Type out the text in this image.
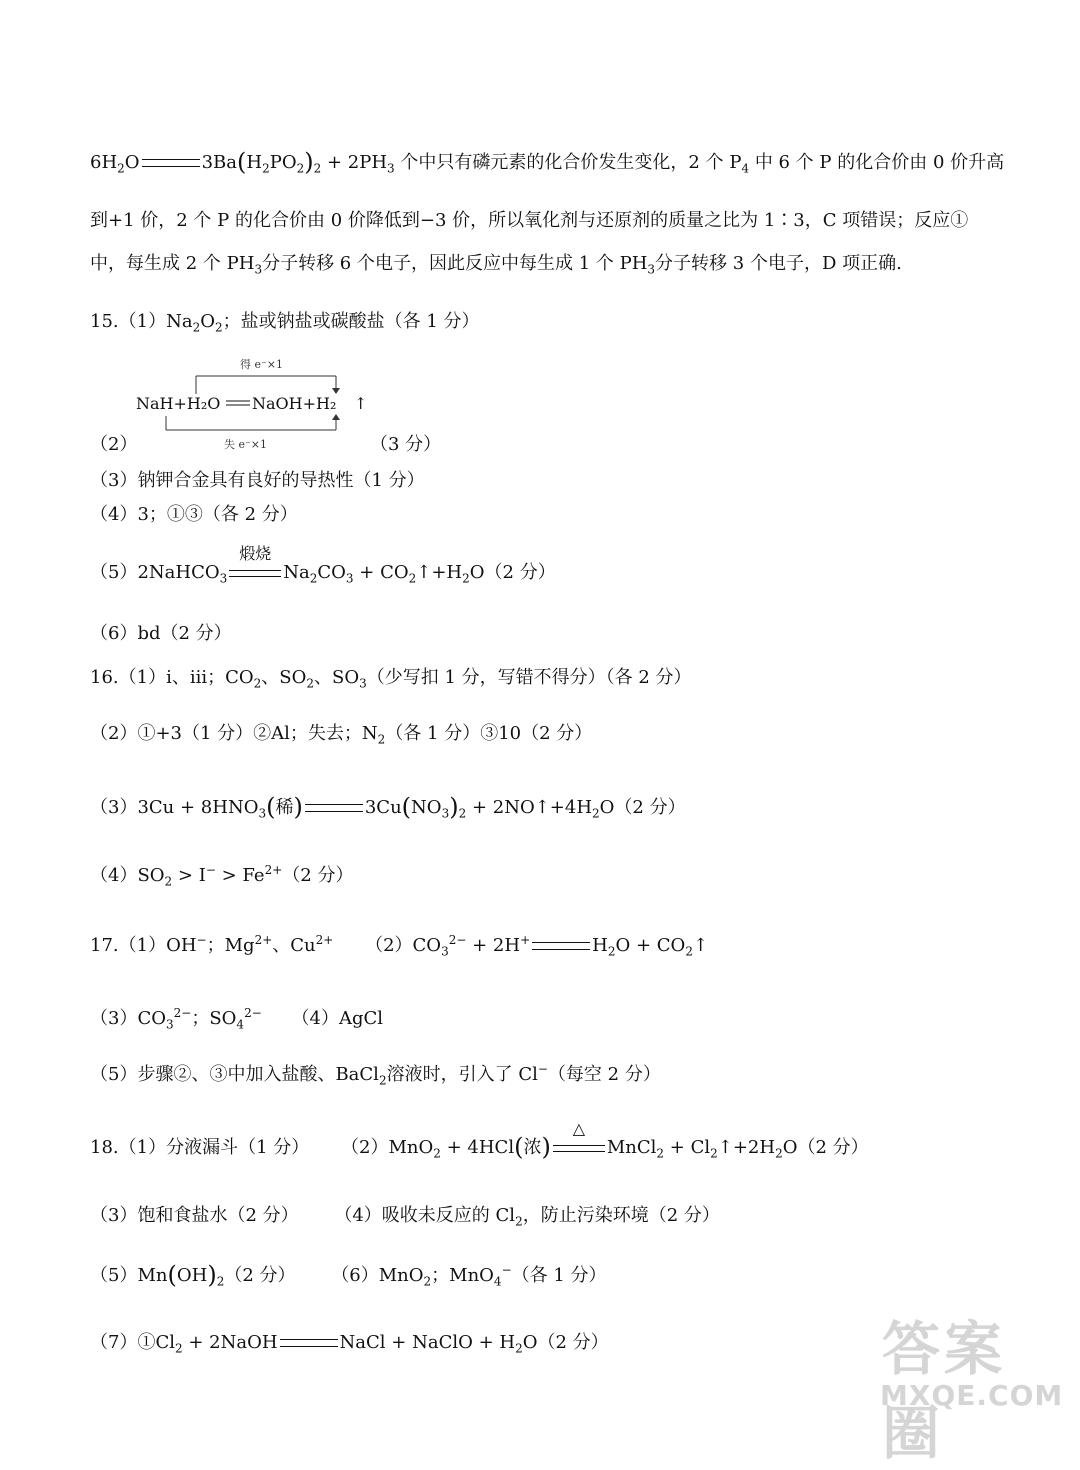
$6H_2O$	$3Ba(H_2PO_2)_2 + 2PH_3$ 个中只有磷元素的化合价发生变化，2 个 $P_4$ 中 6 个 P 的化合价由 0 价升高
到+1 价，2 个 P 的化合价由 0 价降低到−3 价，所以氧化剂与还原剂的质量之比为 1∶3，C 项错误；反应①
中，每生成 2 个 $PH_3$分子转移 6 个电子，因此反应中每生成 1 个 $PH_3$分子转移 3 个电子，D 项正确.
$15.(1)Na_2O_2$；盐或钠盐或碳酸盐（各 1 分）
得 e⁻×1
NaH+H₂O NaOH+H₂ ↑
失 e⁻×1
（2）	（3 分）
（3）钠钾合金具有良好的导热性（1 分）
（4）3；①③（各 2 分）
（5）2NaHCO$_3$
煅烧
$Na_2CO_3$ + $CO_2↑+H_2O(2$ 分）
（6）bd（2 分）
16.（1）i、iii；$CO_2$、$SO_2$、$SO_3$（少写扣 1 分，写错不得分）（各 2 分）
（2）①+3（1 分）②Al；失去；$N_2$（各 1 分）③10（2 分）
$(3)3Cu + 8HNO_3$(稀)	$3Cu(NO_3)_2$ + $2NO↑+4H_2O(2$ 分）
$(4)SO_2 > I^- > Fe^{2+}(2$ 分）
17.（1）OH−；$Mg^{2+}$、$Cu^{2+}$ $(2)CO_3^{2-} + 2H^+$	$H_2O$ + $CO_2↑$
$(3)CO_3^{2-}$；$SO_4^{2-}$ （4）AgCl
（5）步骤②、③中加入盐酸、BaCl$_2$溶液时，引入了 Cl−（每空 2 分）
18.（1）分液漏斗（1 分） （2）MnO$_2$ + 4HCl(浓)
△
MnCl$_2$ + $Cl_2↑+2H_2O(2$ 分）
（3）饱和食盐水（2 分） （4）吸收未反应的 $Cl_2$，防止污染环境（2 分）
$(5)Mn(OH)_2(2$ 分） （6）MnO$_2$；MnO$_4$−（各 1 分）
$(7)①Cl_2$ + 2NaOH	NaCl + NaClO + $H_2O(2$ 分）	答案圈
MXQE.COM
